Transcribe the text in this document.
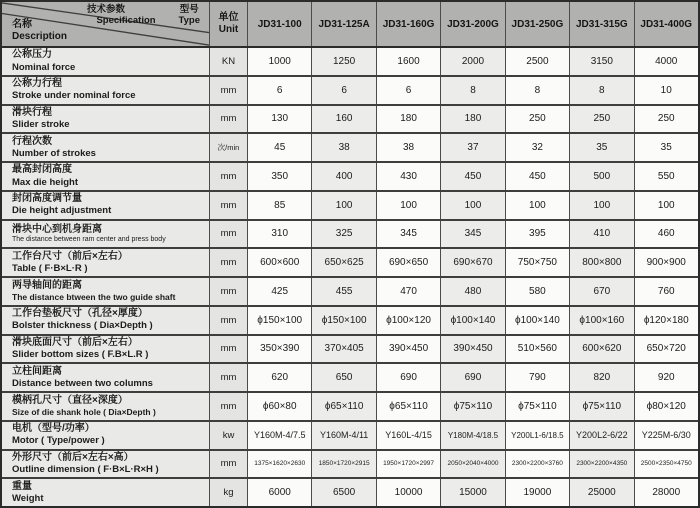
技术参数
Specification
型号
Type
名称
Description
单位
Unit	JD31-100	JD31-125A	JD31-160G	JD31-200G	JD31-250G	JD31-315G	JD31-400G
公称压力
Nominal force
KN	1000	1250	1600	2000	2500	3150	4000
公称力行程
Stroke under nominal force
mm	6	6	6	8	8	8	10
滑块行程
Slider stroke
mm	130	160	180	180	250	250	250
行程次数
Number of strokes
次/min	45	38	38	37	32	35	35
最高封闭高度
Max die height
mm	350	400	430	450	450	500	550
封闭高度调节量
Die height adjustment
mm	85	100	100	100	100	100	100
滑块中心到机身距离
The distance between ram center and press body	mm	310	325	345	345	395	410	460
工作台尺寸（前后×左右）
Table ( F·B×L·R )
mm	600×600	650×625	690×650	690×670	750×750	800×800	900×900
两导轴间的距离
The distance btween the two guide shaft
mm	425	455	470	480	580	670	760
工作台垫板尺寸（孔径×厚度）
Bolster thickness ( Dia×Depth )
mm	ϕ150×100	ϕ150×100	ϕ100×120	ϕ100×140	ϕ100×140	ϕ100×160	ϕ120×180
滑块底面尺寸（前后×左右）
Slider bottom sizes ( F.B×L.R )
mm	350×390	370×405	390×450	390×450	510×560	600×620	650×720
立柱间距离
Distance between two columns
mm	620	650	690	690	790	820	920
模柄孔尺寸（直径×深度）
Size of die shank hole ( Dia×Depth )
mm	ϕ60×80	ϕ65×110	ϕ65×110	ϕ75×110	ϕ75×110	ϕ75×110	ϕ80×120
电机（型号/功率）
Motor ( Type/power )
kw	Y160M-4/7.5	Y160M-4/11	Y160L-4/15	Y180M-4/18.5	Y200L1-6/18.5	Y200L2-6/22	Y225M-6/30
外形尺寸（前后×左右×高）
Outline dimension ( F·B×L·R×H )
mm	1375×1620×2630	1850×1720×2915	1950×1720×2997	2050×2040×4000	2300×2200×3760	2300×2200×4350	2500×2350×4750
重量
Weight
kg	6000	6500	10000	15000	19000	25000	28000
